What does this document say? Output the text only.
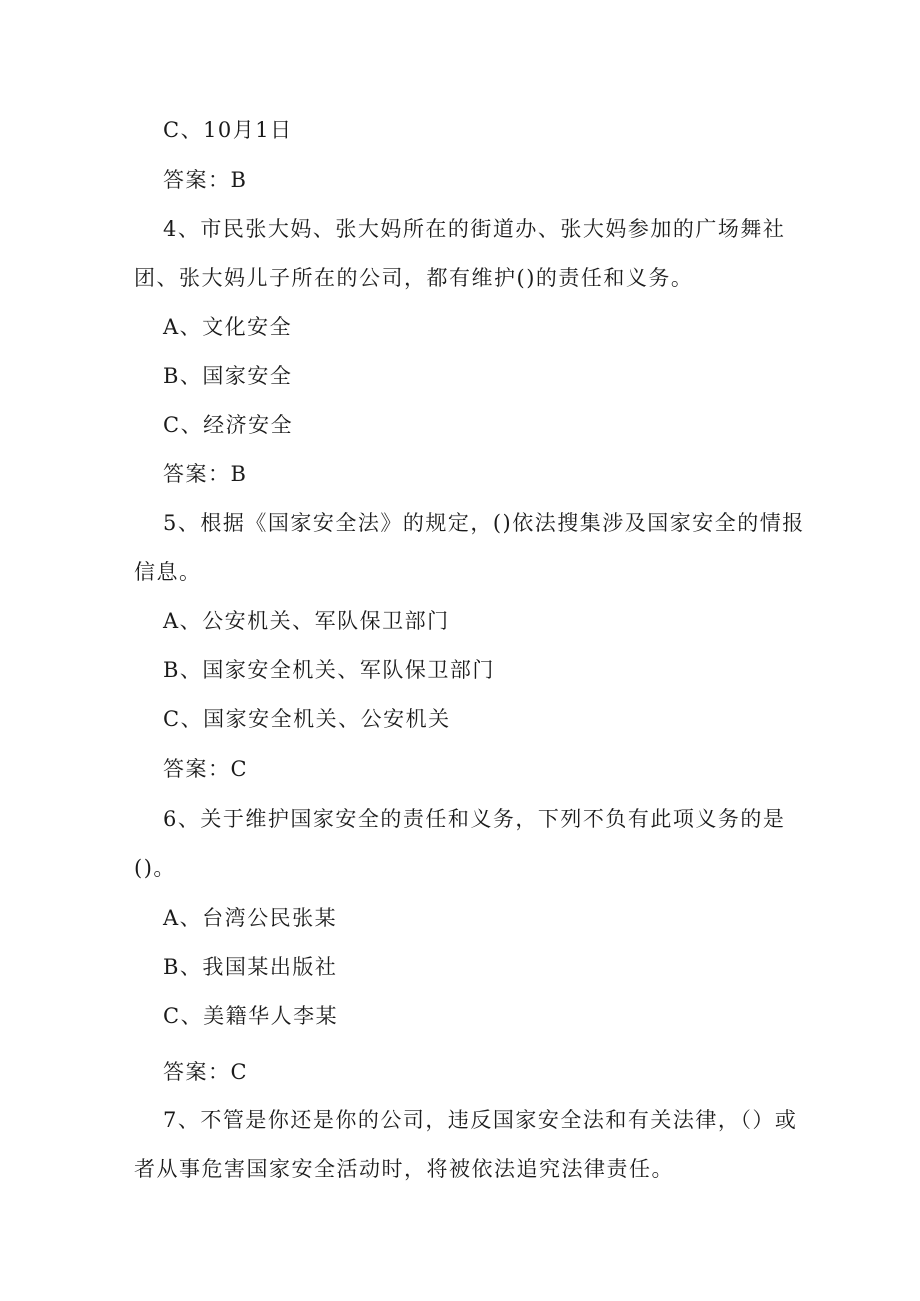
C、10月1日

答案：B

4、市民张大妈、张大妈所在的街道办、张大妈参加的广场舞社

团、张大妈儿子所在的公司，都有维护()的责任和义务。

A、文化安全

B、国家安全

C、经济安全

答案：B

5、根据《国家安全法》的规定，()依法搜集涉及国家安全的情报

信息。

A、公安机关、军队保卫部门

B、国家安全机关、军队保卫部门

C、国家安全机关、公安机关

答案：C

6、关于维护国家安全的责任和义务，下列不负有此项义务的是

()。

A、台湾公民张某

B、我国某出版社

C、美籍华人李某

答案：C

7、不管是你还是你的公司，违反国家安全法和有关法律，（）或

者从事危害国家安全活动时，将被依法追究法律责任。
